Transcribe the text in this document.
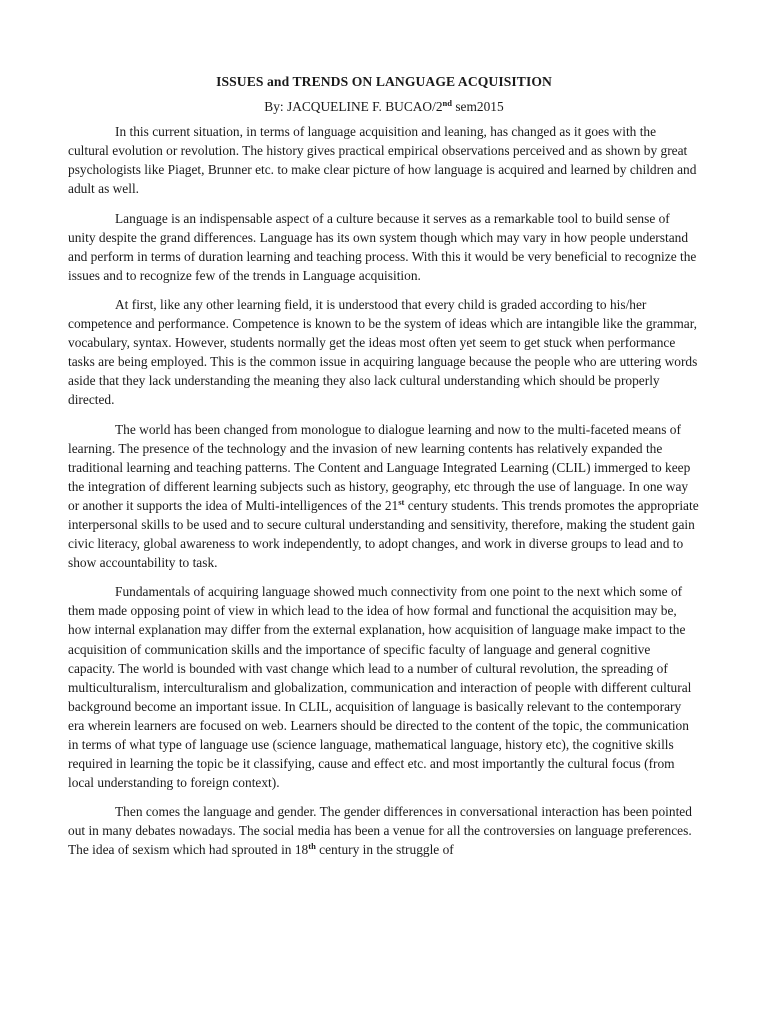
ISSUES and TRENDS ON LANGUAGE ACQUISITION
By: JACQUELINE F. BUCAO/2nd sem2015

In this current situation, in terms of language acquisition and leaning, has changed as it goes with the cultural evolution or revolution. The history gives practical empirical observations perceived and as shown by great psychologists like Piaget, Brunner etc. to make clear picture of how language is acquired and learned by children and adult as well.

Language is an indispensable aspect of a culture because it serves as a remarkable tool to build sense of unity despite the grand differences. Language has its own system though which may vary in how people understand and perform in terms of duration learning and teaching process. With this it would be very beneficial to recognize the issues and to recognize few of the trends in Language acquisition.

At first, like any other learning field, it is understood that every child is graded according to his/her competence and performance. Competence is known to be the system of ideas which are intangible like the grammar, vocabulary, syntax. However, students normally get the ideas most often yet seem to get stuck when performance tasks are being employed. This is the common issue in acquiring language because the people who are uttering words aside that they lack understanding the meaning they also lack cultural understanding which should be properly directed.

The world has been changed from monologue to dialogue learning and now to the multi-faceted means of learning. The presence of the technology and the invasion of new learning contents has relatively expanded the traditional learning and teaching patterns. The Content and Language Integrated Learning (CLIL) immerged to keep the integration of different learning subjects such as history, geography, etc through the use of language. In one way or another it supports the idea of Multi-intelligences of the 21st century students. This trends promotes the appropriate interpersonal skills to be used and to secure cultural understanding and sensitivity, therefore, making the student gain civic literacy, global awareness to work independently, to adopt changes, and work in diverse groups to lead and to show accountability to task.

Fundamentals of acquiring language showed much connectivity from one point to the next which some of them made opposing point of view in which lead to the idea of how formal and functional the acquisition may be, how internal explanation may differ from the external explanation, how acquisition of language make impact to the acquisition of communication skills and the importance of specific faculty of language and general cognitive capacity. The world is bounded with vast change which lead to a number of cultural revolution, the spreading of multiculturalism, interculturalism and globalization, communication and interaction of people with different cultural background become an important issue. In CLIL, acquisition of language is basically relevant to the contemporary era wherein learners are focused on web. Learners should be directed to the content of the topic, the communication in terms of what type of language use (science language, mathematical language, history etc), the cognitive skills required in learning the topic be it classifying, cause and effect etc. and most importantly the cultural focus (from local understanding to foreign context).

Then comes the language and gender. The gender differences in conversational interaction has been pointed out in many debates nowadays. The social media has been a venue for all the controversies on language preferences. The idea of sexism which had sprouted in 18th century in the struggle of
